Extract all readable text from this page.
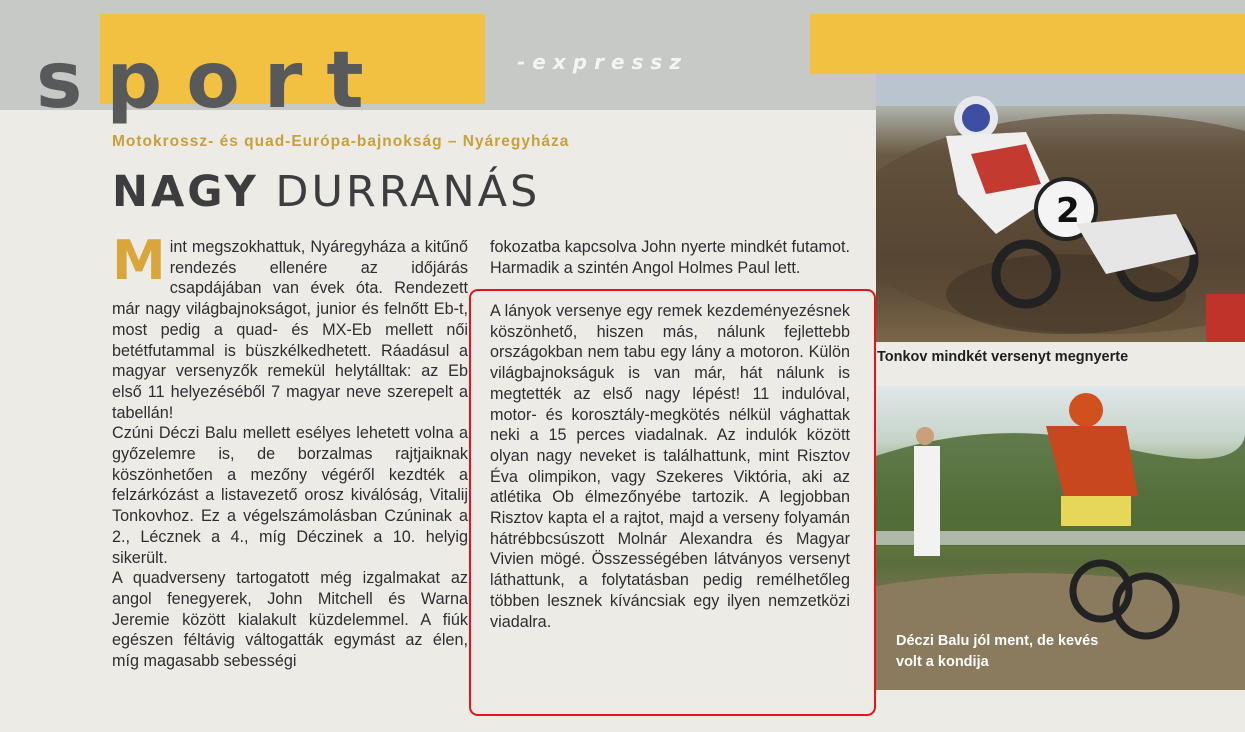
sport	-expressz
Motokrossz- és quad-Európa-bajnokság – Nyáregyháza
NAGY DURRANÁS

Mint megszokhattuk, Nyáregyháza a kitűnő rendezés ellenére az időjárás csapdájában van évek óta. Rendezett már nagy világbajnokságot, junior és felnőtt Eb-t, most pedig a quad- és MX-Eb mellett női betétfutammal is büszkélkedhetett. Ráadásul a magyar versenyzők remekül helytálltak: az Eb első 11 helyezéséből 7 magyar neve szerepelt a tabellán!

Czúni Déczi Balu mellett esélyes lehetett volna a győzelemre is, de borzalmas rajtjaiknak köszönhetően a mezőny végéről kezdték a felzárkózást a listavezető orosz kiválóság, Vitalij Tonkovhoz. Ez a végelszámolásban Czúninak a 2., Lécznek a 4., míg Déczinek a 10. helyig sikerült.

A quadverseny tartogatott még izgalmakat az angol fenegyerek, John Mitchell és Warna Jeremie között kialakult küzdelemmel. A fiúk egészen féltávig váltogatták egymást az élen, míg magasabb sebességi

fokozatba kapcsolva John nyerte mindkét futamot. Harmadik a szintén Angol Holmes Paul lett.

A lányok versenye egy remek kezdeményezésnek köszönhető, hiszen más, nálunk fejlettebb országokban nem tabu egy lány a motoron. Külön világbajnokságuk is van már, hát nálunk is megtették az első nagy lépést! 11 indulóval, motor- és korosztály-megkötés nélkül vághattak neki a 15 perces viadalnak. Az indulók között olyan nagy neveket is találhattunk, mint Risztov Éva olimpikon, vagy Szekeres Viktória, aki az atlétika Ob élmezőnyébe tartozik. A legjobban Risztov kapta el a rajtot, majd a verseny folyamán hátrébbcsúszott Molnár Alexandra és Magyar Vivien mögé. Összességében látványos versenyt láthattunk, a folytatásban pedig remélhetőleg többen lesznek kíváncsiak egy ilyen nemzetközi viadalra.

2
Tonkov mindkét versenyt megnyerte
Déczi Balu jól ment, de kevés volt a kondija
